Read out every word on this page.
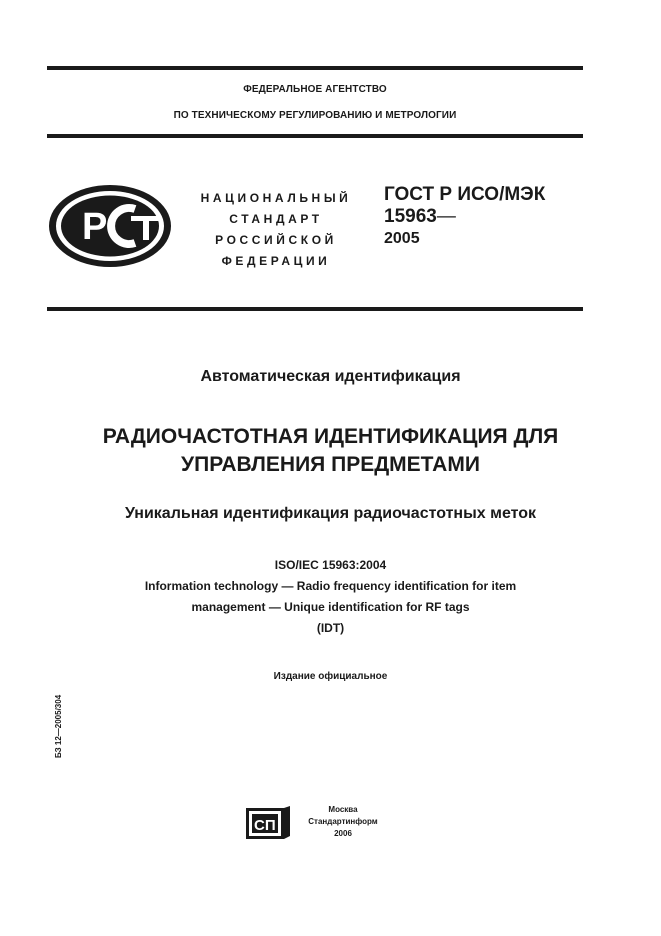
ФЕДЕРАЛЬНОЕ АГЕНТСТВО
ПО ТЕХНИЧЕСКОМУ РЕГУЛИРОВАНИЮ И МЕТРОЛОГИИ
P
НАЦИОНАЛЬНЫЙ
СТАНДАРТ
РОССИЙСКОЙ
ФЕДЕРАЦИИ
ГОСТ Р ИСО/МЭК
15963—
2005
Автоматическая идентификация
РАДИОЧАСТОТНАЯ ИДЕНТИФИКАЦИЯ ДЛЯ
УПРАВЛЕНИЯ ПРЕДМЕТАМИ
Уникальная идентификация радиочастотных меток
ISO/IEC 15963:2004
Information technology — Radio frequency identification for item
management — Unique identification for RF tags
(IDT)
Издание официальное
БЗ 12—2005/304
СП
Москва
Стандартинформ
2006
